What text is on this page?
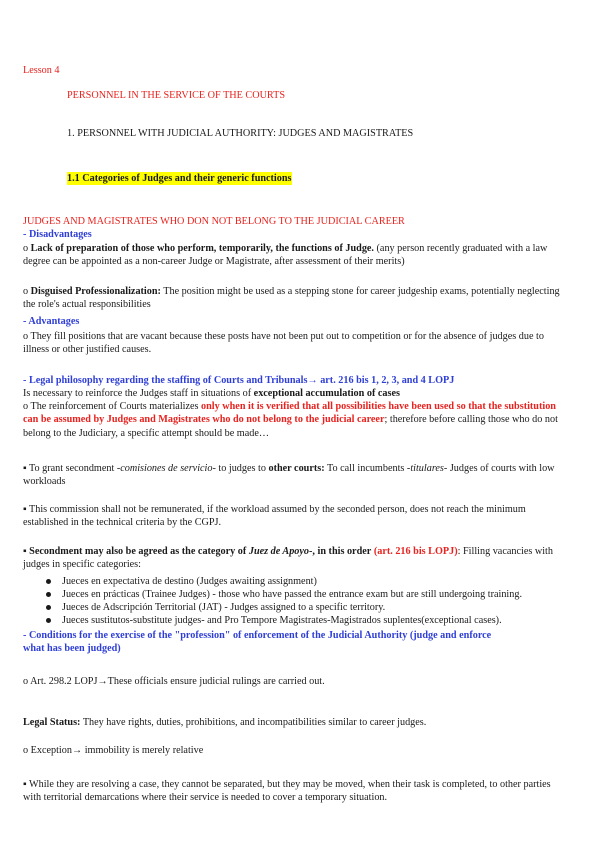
Lesson 4
PERSONNEL IN THE SERVICE OF THE COURTS
1. PERSONNEL WITH JUDICIAL AUTHORITY: JUDGES AND MAGISTRATES
1.1 Categories of Judges and their generic functions
JUDGES AND MAGISTRATES WHO DON NOT BELONG TO THE JUDICIAL CAREER
- Disadvantages
o Lack of preparation of those who perform, temporarily, the functions of Judge. (any person recently graduated with a law degree can be appointed as a non-career Judge or Magistrate, after assessment of their merits)
o Disguised Professionalization: The position might be used as a stepping stone for career judgeship exams, potentially neglecting the role's actual responsibilities
- Advantages
o They fill positions that are vacant because these posts have not been put out to competition or for the absence of judges due to illness or other justified causes.
- Legal philosophy regarding the staffing of Courts and Tribunals→ art. 216 bis 1, 2, 3, and 4 LOPJ
Is necessary to reinforce the Judges staff in situations of exceptional accumulation of cases
o The reinforcement of Courts materializes only when it is verified that all possibilities have been used so that the substitution can be assumed by Judges and Magistrates who do not belong to the judicial career; therefore before calling those who do not belong to the Judiciary, a specific attempt should be made…
▪ To grant secondment -comisiones de servicio- to judges to other courts: To call incumbents -titulares- Judges of courts with low workloads
▪ This commission shall not be remunerated, if the workload assumed by the seconded person, does not reach the minimum established in the technical criteria by the CGPJ.
▪ Secondment may also be agreed as the category of Juez de Apoyo-, in this order (art. 216 bis LOPJ): Filling vacancies with judges in specific categories:
Jueces en expectativa de destino (Judges awaiting assignment)
Jueces en prácticas (Trainee Judges) - those who have passed the entrance exam but are still undergoing training.
Jueces de Adscripción Territorial (JAT) - Judges assigned to a specific territory.
Jueces sustitutos-substitute judges- and Pro Tempore Magistrates-Magistrados suplentes(exceptional cases).
- Conditions for the exercise of the "profession" of enforcement of the Judicial Authority (judge and enforce what has been judged)
o Art. 298.2 LOPJ→These officials ensure judicial rulings are carried out.
Legal Status: They have rights, duties, prohibitions, and incompatibilities similar to career judges.
o Exception→ immobility is merely relative
▪ While they are resolving a case, they cannot be separated, but they may be moved, when their task is completed, to other parties with territorial demarcations where their service is needed to cover a temporary situation.
